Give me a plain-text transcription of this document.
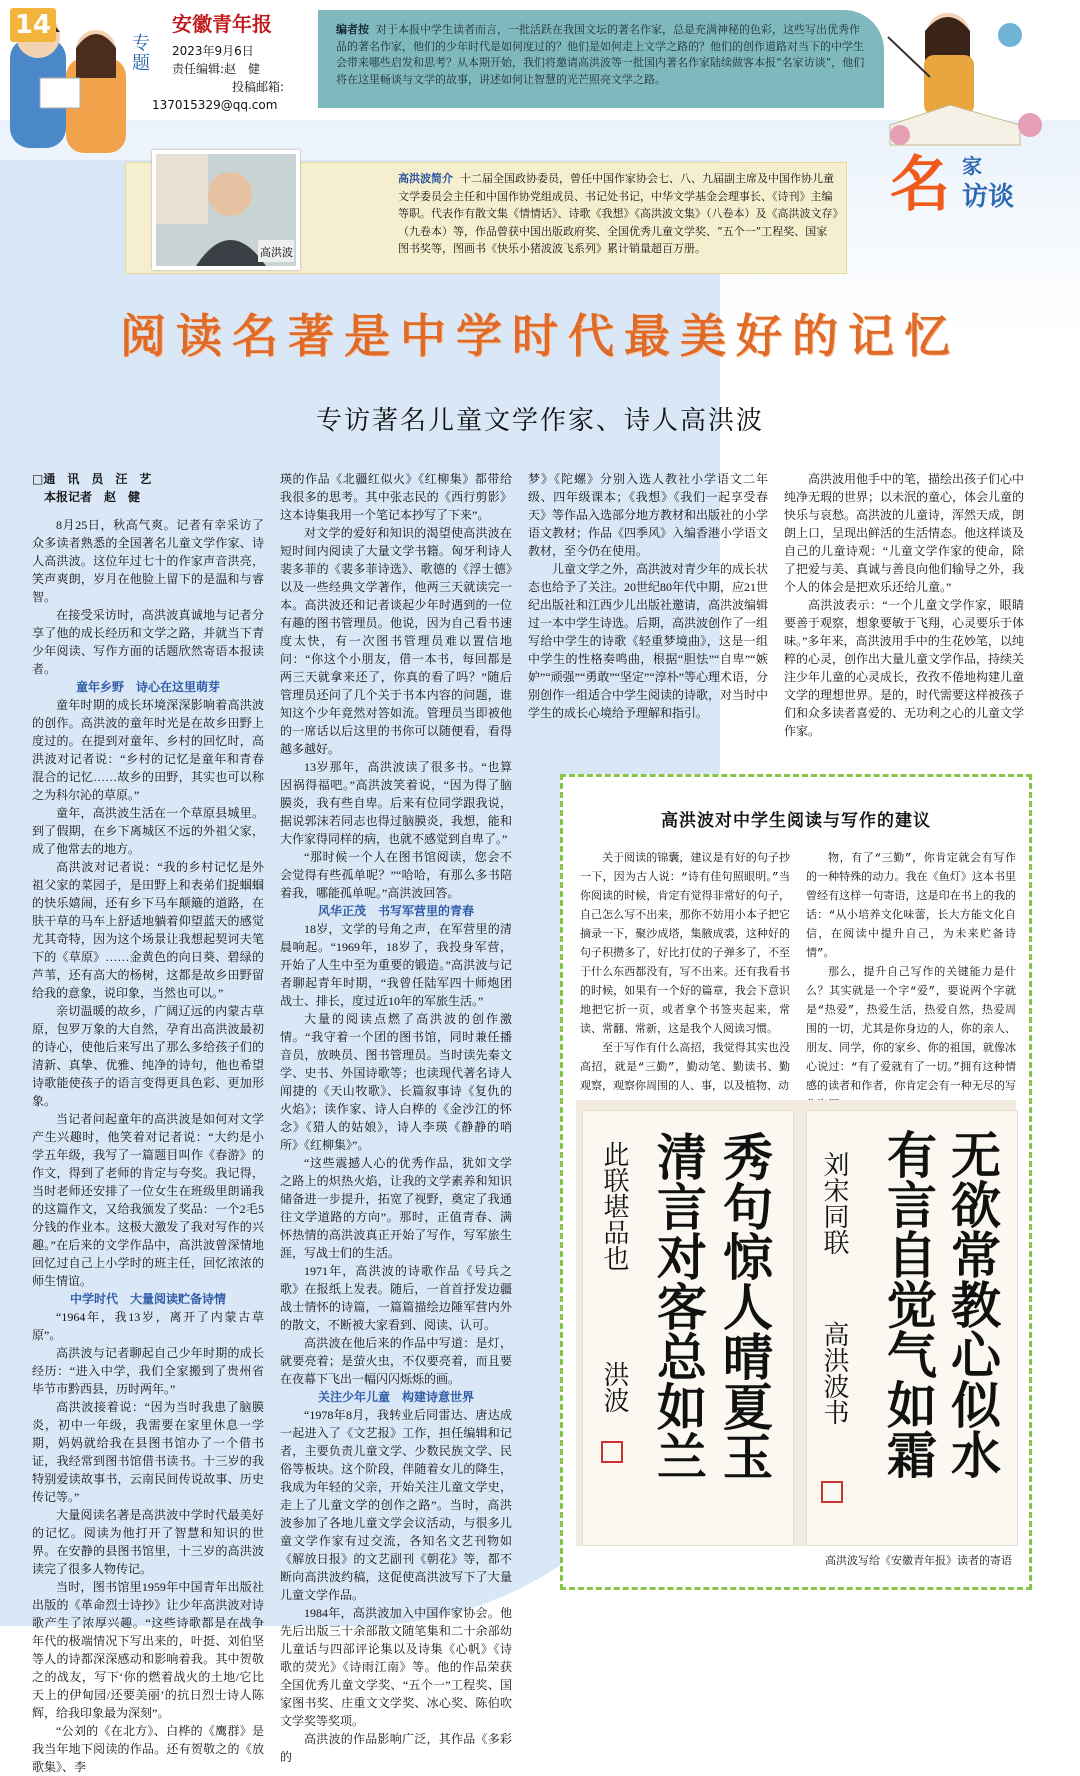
14
专题
安徽青年报
2023年9月6日
责任编辑:赵　健
投稿邮箱:
137015329@qq.com
编者按 对于本报中学生读者而言，一批活跃在我国文坛的著名作家，总是充满神秘的色彩，这些写出优秀作品的著名作家，他们的少年时代是如何度过的？他们是如何走上文学之路的？他们的创作道路对当下的中学生会带来哪些启发和思考？从本期开始，我们将邀请高洪波等一批国内著名作家陆续做客本报“名家访谈”，他们将在这里畅谈与文学的故事，讲述如何让智慧的光芒照亮文学之路。
名 家
访谈
高洪波
高洪波简介 十二届全国政协委员，曾任中国作家协会七、八、九届副主席及中国作协儿童文学委员会主任和中国作协党组成员、书记处书记，中华文学基金会理事长、《诗刊》主编等职。代表作有散文集《情情话》、诗歌《我想》《高洪波文集》（八卷本）及《高洪波文存》（九卷本）等，作品曾获中国出版政府奖、全国优秀儿童文学奖、“五个一”工程奖、国家图书奖等，图画书《快乐小猪波波飞系列》累计销量超百万册。
阅读名著是中学时代最美好的记忆
专访著名儿童文学作家、诗人高洪波
□通　讯　员　汪　艺
本报记者　赵　健

8月25日，秋高气爽。记者有幸采访了众多读者熟悉的全国著名儿童文学作家、诗人高洪波。这位年过七十的作家声音洪亮，笑声爽朗，岁月在他脸上留下的是温和与睿智。

在接受采访时，高洪波真诚地与记者分享了他的成长经历和文学之路，并就当下青少年阅读、写作方面的话题欣然寄语本报读者。

童年乡野　诗心在这里萌芽

童年时期的成长环境深深影响着高洪波的创作。高洪波的童年时光是在故乡田野上度过的。在提到对童年、乡村的回忆时，高洪波对记者说：“乡村的记忆是童年和青春混合的记忆……故乡的田野，其实也可以称之为科尔沁的草原。”

童年，高洪波生活在一个草原县城里。到了假期，在乡下离城区不远的外祖父家，成了他常去的地方。

高洪波对记者说：“我的乡村记忆是外祖父家的菜园子，是田野上和表弟们捉蝈蝈的快乐嬉闹，还有乡下马车颠簸的道路，在肤干草的马车上舒适地躺着仰望蓝天的感觉尤其奇特，因为这个场景让我想起契诃夫笔下的《草原》……金黄色的向日葵、碧绿的芦苇，还有高大的杨树，这都是故乡田野留给我的意象，说印象，当然也可以。”

亲切温暖的故乡，广阔辽远的内蒙古草原，包罗万象的大自然，孕育出高洪波最初的诗心，使他后来写出了那么多给孩子们的清新、真挚、优雅、纯净的诗句，他也希望诗歌能使孩子的语言变得更具色彩、更加形象。

当记者问起童年的高洪波是如何对文学产生兴趣时，他笑着对记者说：“大约是小学五年级，我写了一篇题目叫作《春游》的作文，得到了老师的肯定与夸奖。我记得，当时老师还安排了一位女生在班级里朗诵我的这篇作文，又给我颁发了奖品：一个2毛5分钱的作业本。这极大激发了我对写作的兴趣。”在后来的文学作品中，高洪波曾深情地回忆过自己上小学时的班主任，回忆浓浓的师生情谊。

中学时代　大量阅读贮备诗情

“1964年，我13岁，离开了内蒙古草原”。

高洪波与记者聊起自己少年时期的成长经历：“进入中学，我们全家搬到了贵州省毕节市黔西县，历时两年。”

高洪波接着说：“因为当时我患了脑膜炎，初中一年级，我需要在家里休息一学期，妈妈就给我在县图书馆办了一个借书证，我经常到图书馆借书读书。十三岁的我特别爱读故事书，云南民间传说故事、历史传记等。”

大量阅读名著是高洪波中学时代最美好的记忆。阅读为他打开了智慧和知识的世界。在安静的县图书馆里，十三岁的高洪波读完了很多人物传记。

当时，图书馆里1959年中国青年出版社出版的《革命烈士诗抄》让少年高洪波对诗歌产生了浓厚兴趣。“这些诗歌都是在战争年代的极端情况下写出来的，叶挺、刘伯坚等人的诗都深深感动和影响着我。其中贺敬之的战友，写下‘你的燃着战火的土地/它比天上的伊甸园/还要美丽’的抗日烈士诗人陈辉，给我印象最为深刻”。

“公刘的《在北方》、白桦的《鹰群》是我当年地下阅读的作品。还有贺敬之的《放歌集》、李

瑛的作品《北疆红似火》《红柳集》都带给我很多的思考。其中张志民的《西行剪影》这本诗集我用一个笔记本抄写了下来”。

对文学的爱好和知识的渴望使高洪波在短时间内阅读了大量文学书籍。匈牙利诗人裴多菲的《裴多菲诗选》、歌德的《浮士德》以及一些经典文学著作，他两三天就读完一本。高洪波还和记者谈起少年时遇到的一位有趣的图书管理员。他说，因为自己看书速度太快，有一次图书管理员难以置信地问：“你这个小朋友，借一本书，每回都是两三天就拿来还了，你真的看了吗？”随后管理员还问了几个关于书本内容的问题，谁知这个少年竟然对答如流。管理员当即被他的一席话以后这里的书你可以随便看，看得越多越好。

13岁那年，高洪波读了很多书。“也算因祸得福吧。”高洪波笑着说，“因为得了脑膜炎，我有些自卑。后来有位同学跟我说，据说郭沫若同志也得过脑膜炎，我想，能和大作家得同样的病，也就不感觉到自卑了。”

“那时候一个人在图书馆阅读，您会不会觉得有些孤单呢？”“哈哈，有那么多书陪着我，哪能孤单呢。”高洪波回答。

风华正茂　书写军营里的青春

18岁，文学的号角之声，在军营里的清晨响起。“1969年，18岁了，我投身军营，开始了人生中至为重要的锻造。”高洪波与记者聊起青年时期，“我曾任陆军四十师炮团战士、排长，度过近10年的军旅生活。”

大量的阅读点燃了高洪波的创作激情。“我守着一个团的图书馆，同时兼任播音员，放映员、图书管理员。当时读先秦文学、史书、外国诗歌等；也读现代著名诗人闻捷的《天山牧歌》、长篇叙事诗《复仇的火焰》；读作家、诗人白桦的《金沙江的怀念》《猎人的姑娘》，诗人李瑛《静静的哨所》《红柳集》”。

“这些震撼人心的优秀作品，犹如文学之路上的炽热火焰，让我的文学素养和知识储备进一步提升，拓宽了视野，奠定了我通往文学道路的方向”。那时，正值青春、满怀热情的高洪波真正开始了写作，写军旅生涯，写战士们的生活。

1971年，高洪波的诗歌作品《号兵之歌》在报纸上发表。随后，一首首抒发边疆战士情怀的诗篇，一篇篇描绘边陲军营内外的散文，不断被大家看到、阅读、认可。

高洪波在他后来的作品中写道：是灯，就要亮着；是萤火虫，不仅要亮着，而且要在夜幕下飞出一幅闪闪烁烁的画。

关注少年儿童　构建诗意世界

“1978年8月，我转业后同雷达、唐达成一起进入了《文艺报》工作，担任编辑和记者，主要负责儿童文学、少数民族文学、民俗等板块。这个阶段，伴随着女儿的降生，我成为年轻的父亲，开始关注儿童文学史，走上了儿童文学的创作之路”。当时，高洪波参加了各地儿童文学会议活动，与很多儿童文学作家有过交流，各知名文艺刊物如《解放日报》的文艺副刊《朝花》等，都不断向高洪波约稿，这促使高洪波写下了大量儿童文学作品。

1984年，高洪波加入中国作家协会。他先后出版三十余部散文随笔集和二十余部幼儿童话与四部评论集以及诗集《心帆》《诗歌的荧光》《诗雨江南》等。他的作品荣获全国优秀儿童文学奖、“五个一”工程奖、国家图书奖、庄重文文学奖、冰心奖、陈伯吹文学奖等奖项。

高洪波的作品影响广泛，其作品《多彩的

梦》《陀螺》分别入选人教社小学语文二年级、四年级课本；《我想》《我们一起享受春天》等作品入选部分地方教材和出版社的小学语文教材；作品《四季风》入编香港小学语文教材，至今仍在使用。

儿童文学之外，高洪波对青少年的成长状态也给予了关注。20世纪80年代中期，应21世纪出版社和江西少儿出版社邀请，高洪波编辑过一本中学生诗选。后期，高洪波创作了一组写给中学生的诗歌《轻重梦境曲》，这是一组中学生的性格奏鸣曲，根据“胆怯”“自卑”“嫉妒”“顽强”“勇敢”“坚定”“淳朴”等心理术语，分别创作一组适合中学生阅读的诗歌，对当时中学生的成长心境给予理解和指引。

高洪波用他手中的笔，描绘出孩子们心中纯净无瑕的世界；以未泯的童心，体会儿童的快乐与哀愁。高洪波的儿童诗，浑然天成，朗朗上口，呈现出鲜活的生活情态。他这样谈及自己的儿童诗观：“儿童文学作家的使命，除了把爱与美、真诚与善良向他们输导之外，我个人的体会是把欢乐还给儿童。”

高洪波表示：“一个儿童文学作家，眼睛要善于观察，想象要敏于飞翔，心灵要乐于体味。”多年来，高洪波用手中的生花妙笔，以纯粹的心灵，创作出大量儿童文学作品，持续关注少年儿童的心灵成长，孜孜不倦地构建儿童文学的理想世界。是的，时代需要这样被孩子们和众多读者喜爱的、无功利之心的儿童文学作家。

高洪波对中学生阅读与写作的建议

关于阅读的锦囊，建议是有好的句子抄一下，因为古人说：“诗有佳句照眼明。”当你阅读的时候，肯定有觉得非常好的句子，自己怎么写不出来，那你不妨用小本子把它摘录一下，聚沙成塔，集腋成裘，这种好的句子积攒多了，好比打仗的子弹多了，不至于什么东西都没有，写不出来。还有我看书的时候，如果有一个好的篇章，我会下意识地把它折一页，或者拿个书签夹起来，常读、常翻、常新，这是我个人阅读习惯。

至于写作有什么高招，我觉得其实也没高招，就是“三勤”，勤动笔、勤读书、勤观察，观察你周围的人、事，以及植物、动

物，有了“三勤”，你肯定就会有写作的一种特殊的动力。我在《鱼灯》这本书里曾经有这样一句寄语，这是印在书上的我的话：“从小培养文化味蕾，长大方能文化自信，在阅读中提升自己，为未来贮备诗情”。

那么，提升自己写作的关键能力是什么？其实就是一个字“爱”，要说两个字就是“热爱”，热爱生活，热爱自然，热爱周围的一切，尤其是你身边的人，你的亲人、朋友、同学，你的家乡、你的祖国，就像冰心说过：“有了爱就有了一切。”拥有这种情感的读者和作者，你肯定会有一种无尽的写

秀句惊人晴夏玉
清言对客总如兰
此联堪品也
洪波	无欲常教心似水
有言自觉气如霜
刘宋同联
高洪波书
高洪波写给《安徽青年报》读者的寄语
